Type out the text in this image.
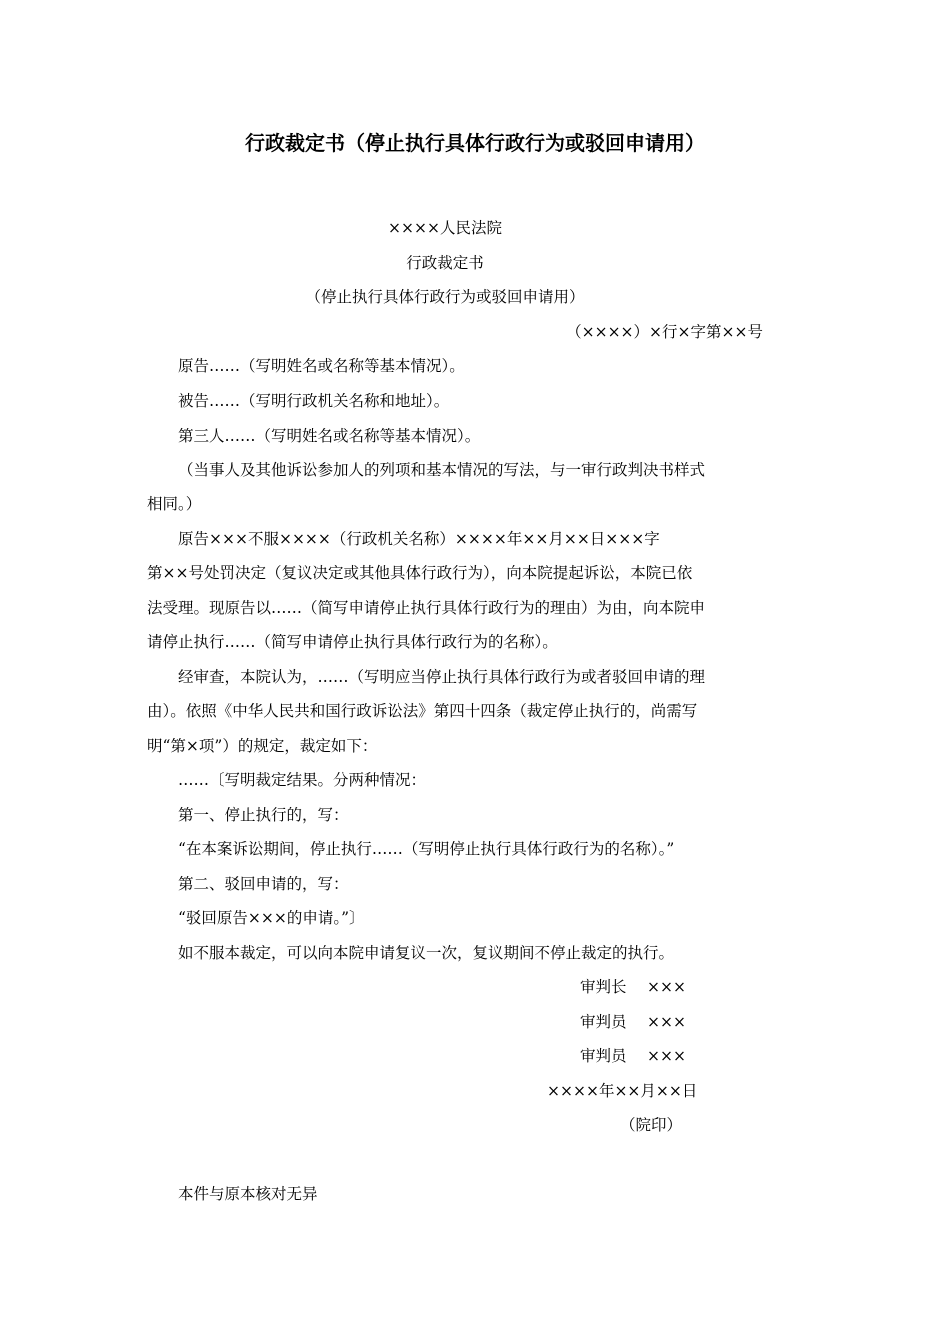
行政裁定书（停止执行具体行政行为或驳回申请用）
××××人民法院
行政裁定书
（停止执行具体行政行为或驳回申请用）
（××××）×行×字第××号
原告……（写明姓名或名称等基本情况）。
被告……（写明行政机关名称和地址）。
第三人……（写明姓名或名称等基本情况）。
（当事人及其他诉讼参加人的列项和基本情况的写法，与一审行政判决书样式
相同。）
原告×××不服××××（行政机关名称）××××年××月××日×××字
第××号处罚决定（复议决定或其他具体行政行为），向本院提起诉讼，本院已依
法受理。现原告以……（简写申请停止执行具体行政行为的理由）为由，向本院申
请停止执行……（简写申请停止执行具体行政行为的名称）。
经审查，本院认为，……（写明应当停止执行具体行政行为或者驳回申请的理
由）。依照《中华人民共和国行政诉讼法》第四十四条（裁定停止执行的，尚需写
明“第×项”）的规定，裁定如下：
……〔写明裁定结果。分两种情况：
第一、停止执行的，写：
“在本案诉讼期间，停止执行……（写明停止执行具体行政行为的名称）。”
第二、驳回申请的，写：
“驳回原告×××的申请。”〕
如不服本裁定，可以向本院申请复议一次，复议期间不停止裁定的执行。
审判长	×××
审判员	×××
审判员	×××
××××年××月××日
（院印）
本件与原本核对无异
